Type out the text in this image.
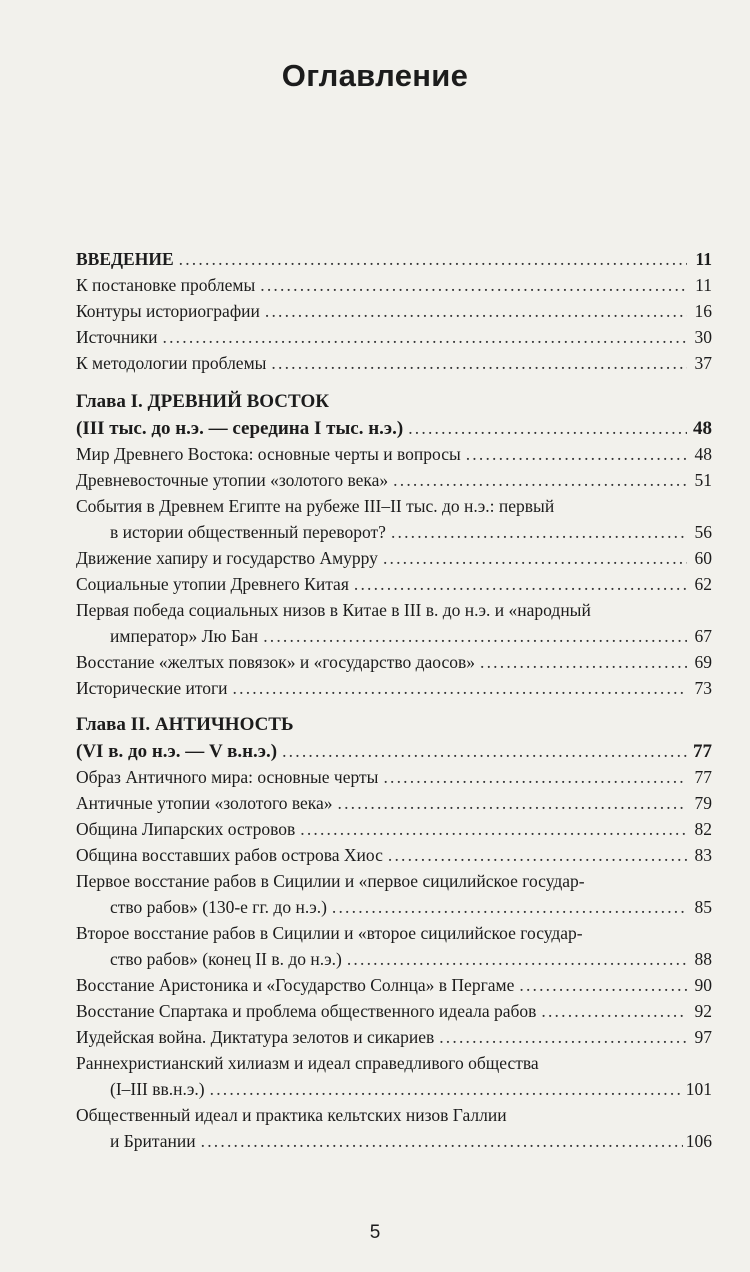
Оглавление
ВВЕДЕНИЕ .....	11
К постановке проблемы .....	11
Контуры историографии .....	16
Источники .....	30
К методологии проблемы .....	37
Глава I. ДРЕВНИЙ ВОСТОК
(III тыс. до н.э. — середина I тыс. н.э.) .....	48
Мир Древнего Востока: основные черты и вопросы .....	48
Древневосточные утопии «золотого века» .....	51
События в Древнем Египте на рубеже III–II тыс. до н.э.: первый
в истории общественный переворот? .....	56
Движение хапиру и государство Амурру .....	60
Социальные утопии Древнего Китая .....	62
Первая победа социальных низов в Китае в III в. до н.э. и «народный
император» Лю Бан .....	67
Восстание «желтых повязок» и «государство даосов» .....	69
Исторические итоги .....	73
Глава II. АНТИЧНОСТЬ
(VI в. до н.э. — V в.н.э.) .....	77
Образ Античного мира: основные черты .....	77
Античные утопии «золотого века» .....	79
Община Липарских островов .....	82
Община восставших рабов острова Хиос .....	83
Первое восстание рабов в Сицилии и «первое сицилийское государ-
ство рабов» (130-е гг. до н.э.) .....	85
Второе восстание рабов в Сицилии и «второе сицилийское государ-
ство рабов» (конец II в. до н.э.) .....	88
Восстание Аристоника и «Государство Солнца» в Пергаме .....	90
Восстание Спартака и проблема общественного идеала рабов .....	92
Иудейская война. Диктатура зелотов и сикариев .....	97
Раннехристианский хилиазм и идеал справедливого общества
(I–III вв.н.э.) .....	101
Общественный идеал и практика кельтских низов Галлии
и Британии .....	106
5
